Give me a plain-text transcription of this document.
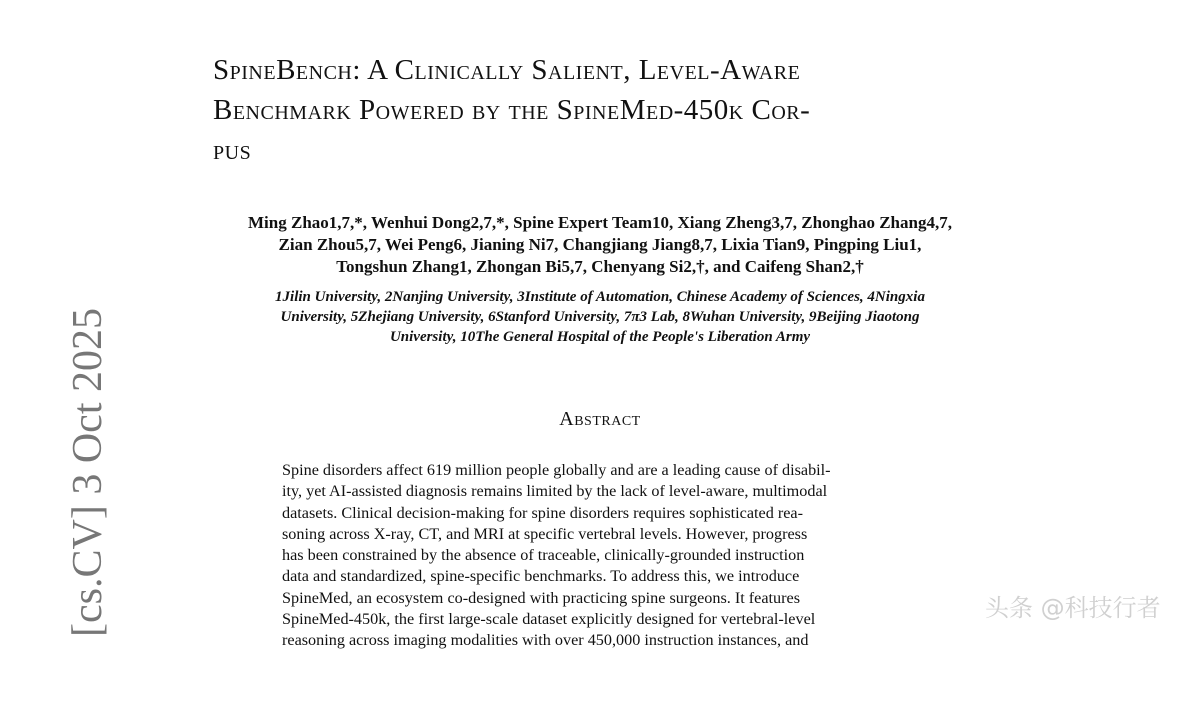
SpineBench: A Clinically Salient, Level-Aware
Benchmark Powered by the SpineMed-450k Cor-
pus
Ming Zhao1,7,*, Wenhui Dong2,7,*, Spine Expert Team10, Xiang Zheng3,7, Zhonghao Zhang4,7,
Zian Zhou5,7, Wei Peng6, Jianing Ni7, Changjiang Jiang8,7, Lixia Tian9, Pingping Liu1,
Tongshun Zhang1, Zhongan Bi5,7, Chenyang Si2,†, and Caifeng Shan2,†
1Jilin University, 2Nanjing University, 3Institute of Automation, Chinese Academy of Sciences, 4Ningxia
University, 5Zhejiang University, 6Stanford University, 7π3 Lab, 8Wuhan University, 9Beijing Jiaotong
University, 10The General Hospital of the People's Liberation Army
Abstract
Spine disorders affect 619 million people globally and are a leading cause of disabil-
ity, yet AI-assisted diagnosis remains limited by the lack of level-aware, multimodal
datasets. Clinical decision-making for spine disorders requires sophisticated rea-
soning across X-ray, CT, and MRI at specific vertebral levels. However, progress
has been constrained by the absence of traceable, clinically-grounded instruction
data and standardized, spine-specific benchmarks. To address this, we introduce
SpineMed, an ecosystem co-designed with practicing spine surgeons. It features
SpineMed-450k, the first large-scale dataset explicitly designed for vertebral-level
reasoning across imaging modalities with over 450,000 instruction instances, and
[cs.CV] 3 Oct 2025	头条 @科技行者
